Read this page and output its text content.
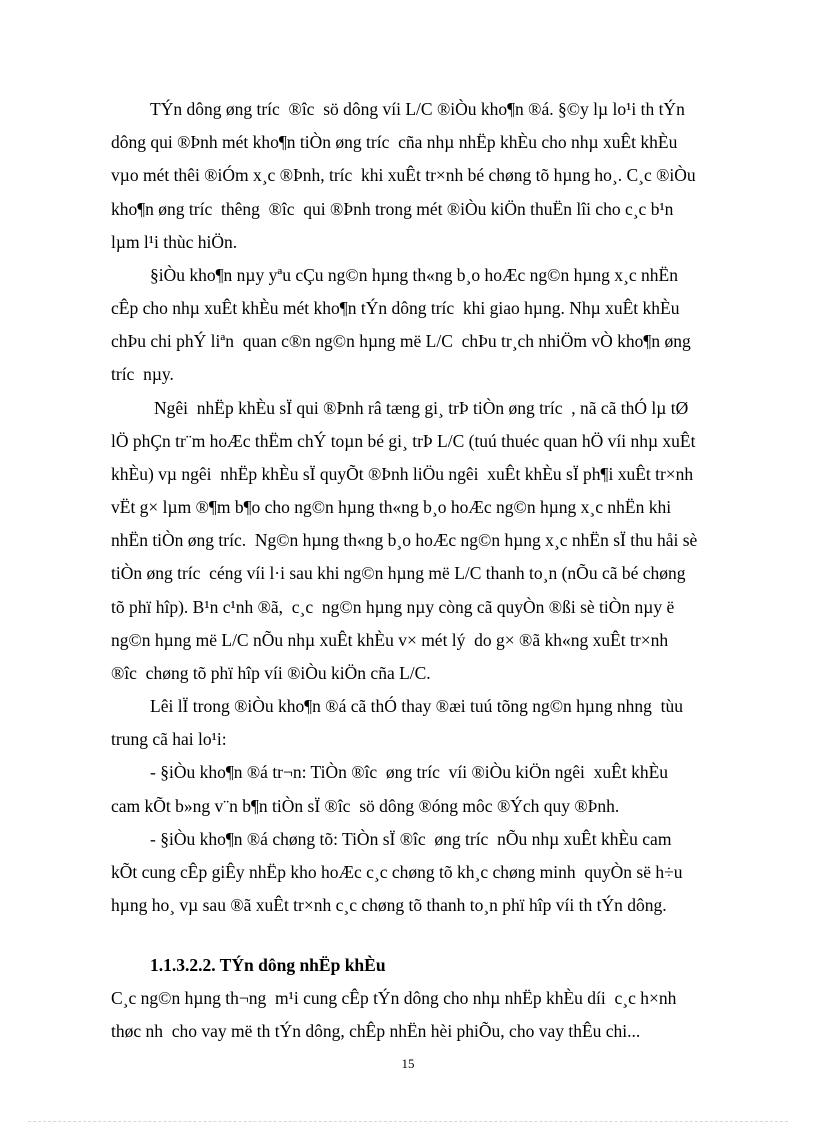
TÝn dông øng tríc  ®îc  sö dông víi L/C ®iÒu kho¶n ®á. §©y lµ lo¹i th tÝn

dông qui ®Þnh mét kho¶n tiÒn øng tríc  cña nhµ nhËp khÈu cho nhµ xuÊt khÈu

vµo mét thêi ®iÓm x¸c ®Þnh, tríc  khi xuÊt tr×nh bé chøng tõ hµng ho¸. C¸c ®iÒu

kho¶n øng tríc  thêng  ®îc  qui ®Þnh trong mét ®iÒu kiÖn thuËn lîi cho c¸c b¹n

lµm l¹i thùc hiÖn.

§iÒu kho¶n nµy yªu cÇu ng©n hµng th«ng b¸o hoÆc ng©n hµng x¸c nhËn

cÊp cho nhµ xuÊt khÈu mét kho¶n tÝn dông tríc  khi giao hµng. Nhµ xuÊt khÈu

chÞu chi phÝ liªn  quan c®n ng©n hµng më L/C  chÞu tr¸ch nhiÖm vÒ kho¶n øng

tríc  nµy.

Ngêi  nhËp khÈu sÏ qui ®Þnh râ tæng gi¸ trÞ tiÒn øng tríc  , nã cã thÓ lµ tØ

lÖ phÇn tr¨m hoÆc thËm chÝ toµn bé gi¸ trÞ L/C (tuú thuéc quan hÖ víi nhµ xuÊt

khÈu) vµ ngêi  nhËp khÈu sÏ quyÕt ®Þnh liÖu ngêi  xuÊt khÈu sÏ ph¶i xuÊt tr×nh

vËt g× lµm ®¶m b¶o cho ng©n hµng th«ng b¸o hoÆc ng©n hµng x¸c nhËn khi

nhËn tiÒn øng tríc.  Ng©n hµng th«ng b¸o hoÆc ng©n hµng x¸c nhËn sÏ thu håi sè

tiÒn øng tríc  céng víi l·i sau khi ng©n hµng më L/C thanh to¸n (nÕu cã bé chøng

tõ phï hîp). B¹n c¹nh ®ã,  c¸c  ng©n hµng nµy còng cã quyÒn ®ßi sè tiÒn nµy ë

ng©n hµng më L/C nÕu nhµ xuÊt khÈu v× mét lý  do g× ®ã kh«ng xuÊt tr×nh

®îc  chøng tõ phï hîp víi ®iÒu kiÖn cña L/C.

Lêi lÏ trong ®iÒu kho¶n ®á cã thÓ thay ®æi tuú tõng ng©n hµng nhng  tùu

trung cã hai lo¹i:

- §iÒu kho¶n ®á tr¬n: TiÒn ®îc  øng tríc  víi ®iÒu kiÖn ngêi  xuÊt khÈu

cam kÕt b»ng v¨n b¶n tiÒn sÏ ®îc  sö dông ®óng môc ®Ých quy ®Þnh.

- §iÒu kho¶n ®á chøng tõ: TiÒn sÏ ®îc  øng tríc  nÕu nhµ xuÊt khÈu cam

kÕt cung cÊp giÊy nhËp kho hoÆc c¸c chøng tõ kh¸c chøng minh  quyÒn së h÷u

hµng ho¸ vµ sau ®ã xuÊt tr×nh c¸c chøng tõ thanh to¸n phï hîp víi th tÝn dông.

1.1.3.2.2. TÝn dông nhËp khÈu

C¸c ng©n hµng th¬ng  m¹i cung cÊp tÝn dông cho nhµ nhËp khÈu díi  c¸c h×nh

thøc nh  cho vay më th tÝn dông, chÊp nhËn hèi phiÕu, cho vay thÊu chi...

15
